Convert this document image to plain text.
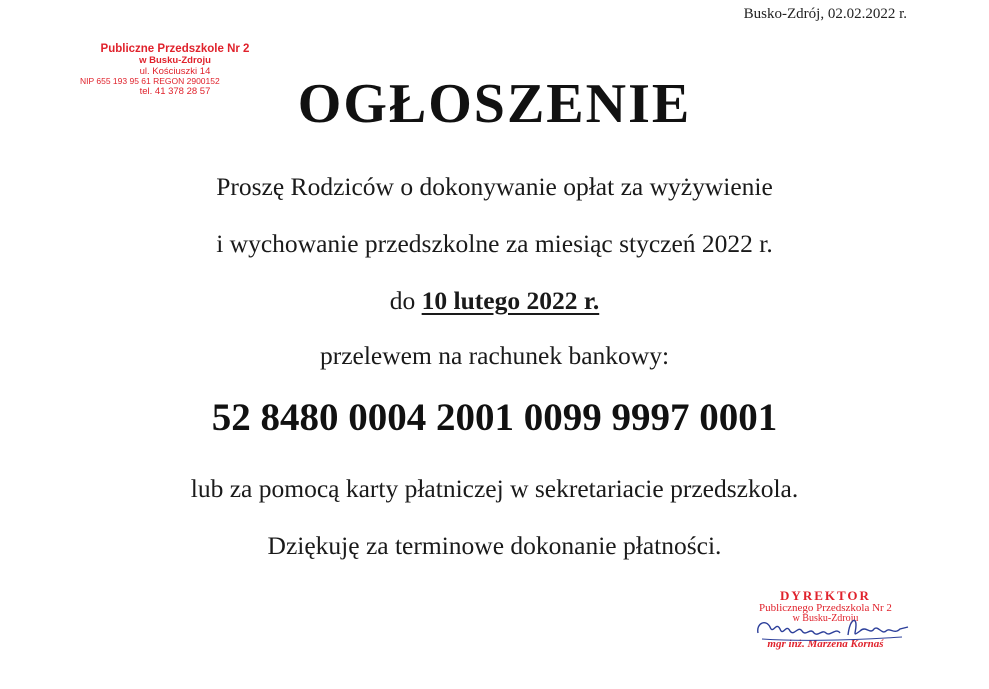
Busko-Zdrój, 02.02.2022 r.
Publiczne Przedszkole Nr 2
w Busku-Zdroju
ul. Kościuszki 14
NIP 655 193 95 61 REGON 2900152
tel. 41 378 28 57	OGŁOSZENIE
Proszę Rodziców o dokonywanie opłat za wyżywienie
i wychowanie przedszkolne za miesiąc styczeń 2022 r.
do 10 lutego 2022 r.
przelewem na rachunek bankowy:
52 8480 0004 2001 0099 9997 0001
lub za pomocą karty płatniczej w sekretariacie przedszkola.
Dziękuję za terminowe dokonanie płatności.
DYREKTOR
Publicznego Przedszkola Nr 2
w Busku-Zdroju
mgr inż. Marzena Kornaś
